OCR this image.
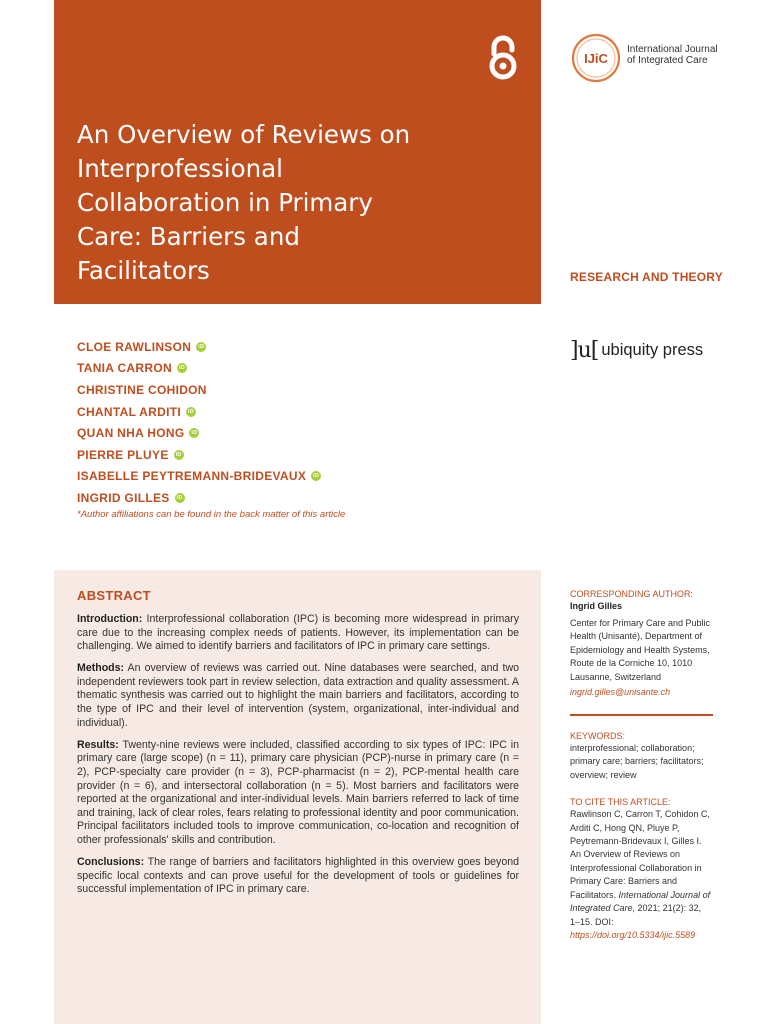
An Overview of Reviews on Interprofessional Collaboration in Primary Care: Barriers and Facilitators
IJiC
International Journal
of Integrated Care
RESEARCH AND THEORY
]u[ ubiquity press
CLOE RAWLINSON	iD
TANIA CARRON	iD
CHRISTINE COHIDON
CHANTAL ARDITI	iD
QUAN NHA HONG	iD
PIERRE PLUYE	iD
ISABELLE PEYTREMANN-BRIDEVAUX	iD
INGRID GILLES	iD
*Author affiliations can be found in the back matter of this article
ABSTRACT

Introduction: Interprofessional collaboration (IPC) is becoming more widespread in primary care due to the increasing complex needs of patients. However, its implementation can be challenging. We aimed to identify barriers and facilitators of IPC in primary care settings.

Methods: An overview of reviews was carried out. Nine databases were searched, and two independent reviewers took part in review selection, data extraction and quality assessment. A thematic synthesis was carried out to highlight the main barriers and facilitators, according to the type of IPC and their level of intervention (system, organizational, inter-individual and individual).

Results: Twenty-nine reviews were included, classified according to six types of IPC: IPC in primary care (large scope) (n = 11), primary care physician (PCP)-nurse in primary care (n = 2), PCP-specialty care provider (n = 3), PCP-pharmacist (n = 2), PCP-mental health care provider (n = 6), and intersectoral collaboration (n = 5). Most barriers and facilitators were reported at the organizational and inter-individual levels. Main barriers referred to lack of time and training, lack of clear roles, fears relating to professional identity and poor communication. Principal facilitators included tools to improve communication, co-location and recognition of other professionals' skills and contribution.

Conclusions: The range of barriers and facilitators highlighted in this overview goes beyond specific local contexts and can prove useful for the development of tools or guidelines for successful implementation of IPC in primary care.

CORRESPONDING AUTHOR:
Ingrid Gilles
Center for Primary Care and Public Health (Unisanté), Department of Epidemiology and Health Systems, Route de la Corniche 10, 1010 Lausanne, Switzerland
ingrid.gilles@unisante.ch
KEYWORDS:
interprofessional; collaboration; primary care; barriers; facilitators; overview; review
TO CITE THIS ARTICLE:
Rawlinson C, Carron T, Cohidon C, Arditi C, Hong QN, Pluye P, Peytremann-Bridevaux I, Gilles I. An Overview of Reviews on Interprofessional Collaboration in Primary Care: Barriers and Facilitators. International Journal of Integrated Care, 2021; 21(2): 32, 1–15. DOI: https://doi.org/10.5334/ijic.5589
